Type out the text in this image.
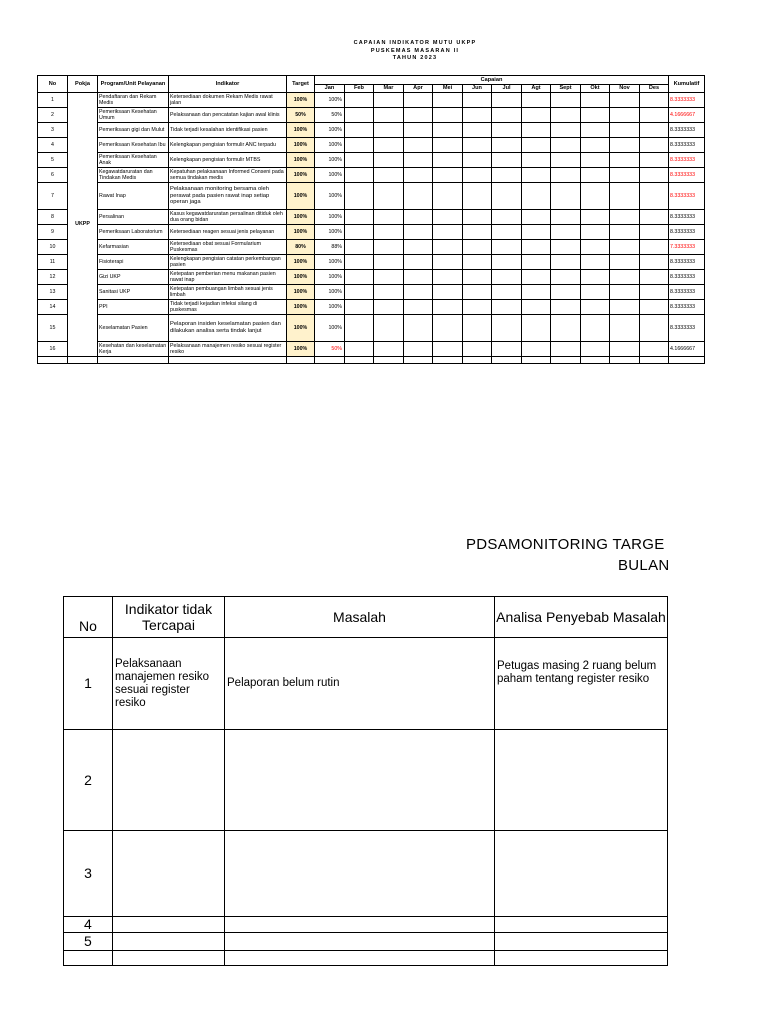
CAPAIAN INDIKATOR MUTU UKPP
PUSKEMAS MASARAN II
TAHUN 2023
No	Pokja	Program/Unit Pelayanan	Indikator	Target	Capaian												Kumulatif
					Jan	Feb	Mar	Apr	Mei	Jun	Jul	Agt	Sept	Okt	Nov	Des	
1	UKPP	Pendaftaran dan Rekam Medis	Ketersediaan dokumen Rekam Medis rawat jalan	100%	100%												8.3333333
2		Pemeriksaan Kesehatan Umum	Pelaksanaan dan pencatatan kajian awal klinis	50%	50%												4.1666667
3		Pemeriksaan gigi dan Mulut	Tidak terjadi kesalahan identifikasi pasien	100%	100%												8.3333333
4		Pemeriksaan Kesehatan Ibu	Kelengkapan pengisian formulir ANC terpadu	100%	100%												8.3333333
5		Pemeriksaan Kesehatan Anak	Kelengkapan pengisian formulir MTBS	100%	100%												8.3333333
6		Kegawatdaruratan dan Tindakan Medis	Kepatuhan pelaksanaan Informed Conseni pada semua tindakan medis	100%	100%												8.3333333
7		Rawat Inap	Pelaksanaan monitoring bersama oleh perawat pada pasien rawat inap setiap operan jaga	100%	100%												8.3333333
8		Persalinan	Kasus kegawatdaruratan persalinan ditiduk oleh dua orang bidan	100%	100%												8.3333333
9		Pemeriksaan Laboratorium	Ketersediaan reagen sesuai jenis pelayanan	100%	100%												8.3333333
10		Kefarmasian	Ketersediaan obat sesuai Formularium Puskesmas	80%	88%												7.3333333
11		Fisioterapi	Kelengkapan pengisian catatan perkembangan pasien	100%	100%												8.3333333
12		Gizi UKP	Ketepatan pemberian menu makanan pasien rawat inap	100%	100%												8.3333333
13		Sanitasi UKP	Ketepatan pembuangan limbah sesuai jenis limbah	100%	100%												8.3333333
14		PPI	Tidak terjadi kejadian infeksi silang di puskesmas	100%	100%												8.3333333
15		Keselamatan Pasien	Pelaporan insiden keselamatan pasien dan dilakukan analisa serta tindak lanjut	100%	100%												8.3333333
16		Kesehatan dan keselamatan Kerja	Pelaksanaan manajemen resiko sesuai register resiko	100%	50%												4.1666667

PDSAMONITORING TARGE
BULAN
No	Indikator tidak Tercapai	Masalah	Analisa Penyebab Masalah
1	Pelaksanaan manajemen resiko sesuai register resiko	Pelaporan belum rutin	Petugas masing 2 ruang belum paham tentang register resiko
2			
3			
4			
5			
